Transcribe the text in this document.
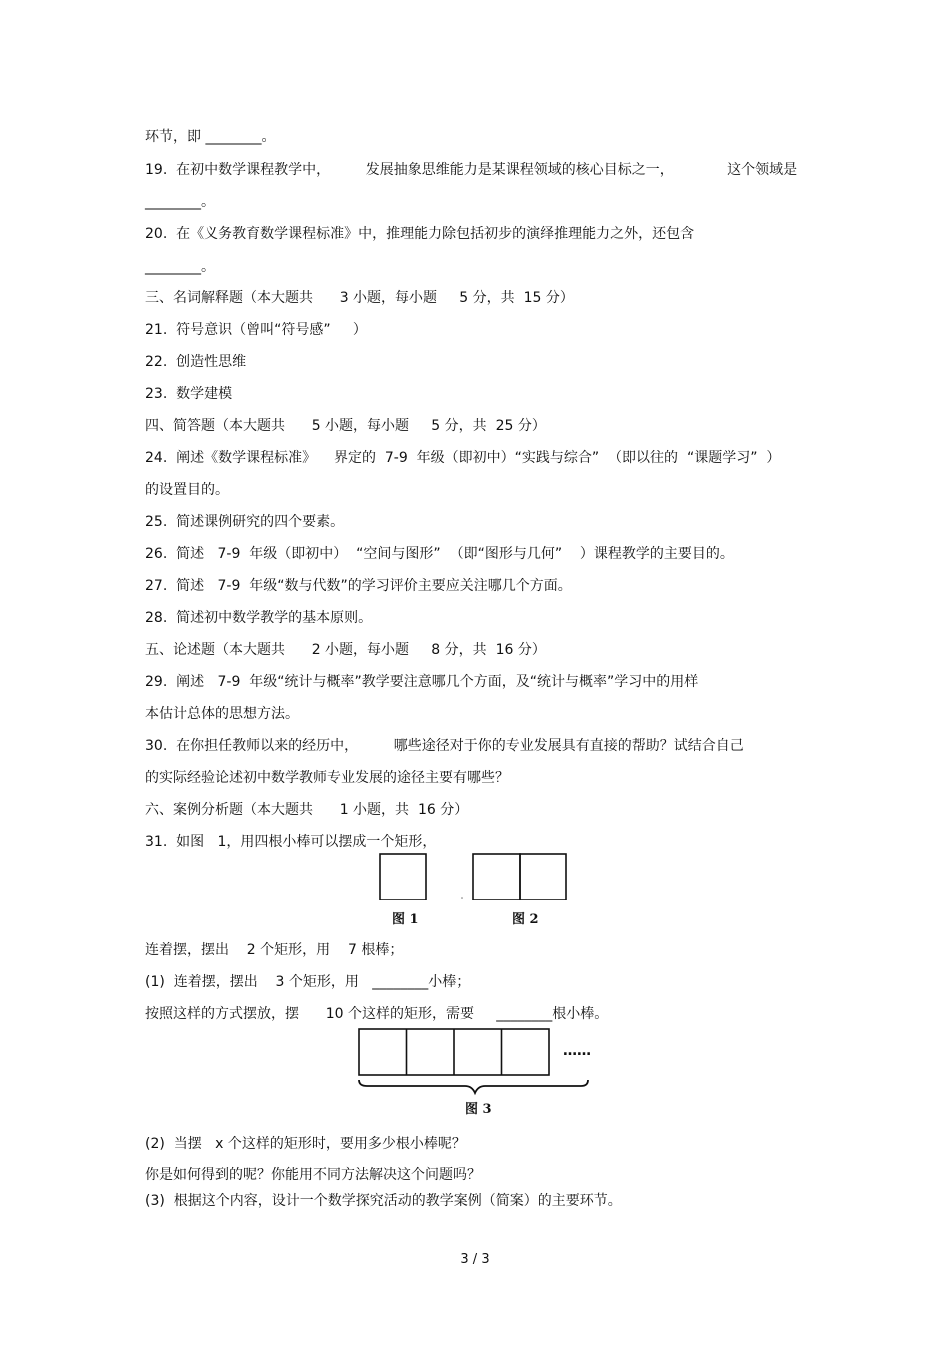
环节，即 ________。
19.  在初中数学课程教学中，        发展抽象思维能力是某课程领域的核心目标之一，            这个领域是
________。
20.  在《义务教育数学课程标准》中，推理能力除包括初步的演绎推理能力之外，还包含
________。
三、名词解释题（本大题共      3 小题，每小题     5 分，共  15 分）
21.  符号意识（曾叫“符号感”     ）
22.  创造性思维
23.  数学建模
四、简答题（本大题共      5 小题，每小题     5 分，共  25 分）
24.  阐述《数学课程标准》    界定的  7-9  年级（即初中）“实践与综合”  （即以往的  “课题学习”  ）
的设置目的。
25.  简述课例研究的四个要素。
26.  简述   7-9  年级（即初中）  “空间与图形”  （即“图形与几何”    ）课程教学的主要目的。
27.  简述   7-9  年级“数与代数”的学习评价主要应关注哪几个方面。
28.  简述初中数学教学的基本原则。
五、论述题（本大题共      2 小题，每小题     8 分，共  16 分）
29.  阐述   7-9  年级“统计与概率”教学要注意哪几个方面，及“统计与概率”学习中的用样
本估计总体的思想方法。
30.  在你担任教师以来的经历中，        哪些途径对于你的专业发展具有直接的帮助？试结合自己
的实际经验论述初中数学教师专业发展的途径主要有哪些？
六、案例分析题（本大题共      1 小题，共  16 分）
31.  如图   1，用四根小棒可以摆成一个矩形，
图 1	图 2
连着摆，摆出    2 个矩形，用    7 根棒；
(1)  连着摆，摆出    3 个矩形，用   ________小棒；
按照这样的方式摆放，摆      10 个这样的矩形，需要     ________根小棒。
……
图 3
(2)  当摆   x 个这样的矩形时，要用多少根小棒呢？
你是如何得到的呢？你能用不同方法解决这个问题吗？
(3)  根据这个内容，设计一个数学探究活动的教学案例（简案）的主要环节。
3 / 3
